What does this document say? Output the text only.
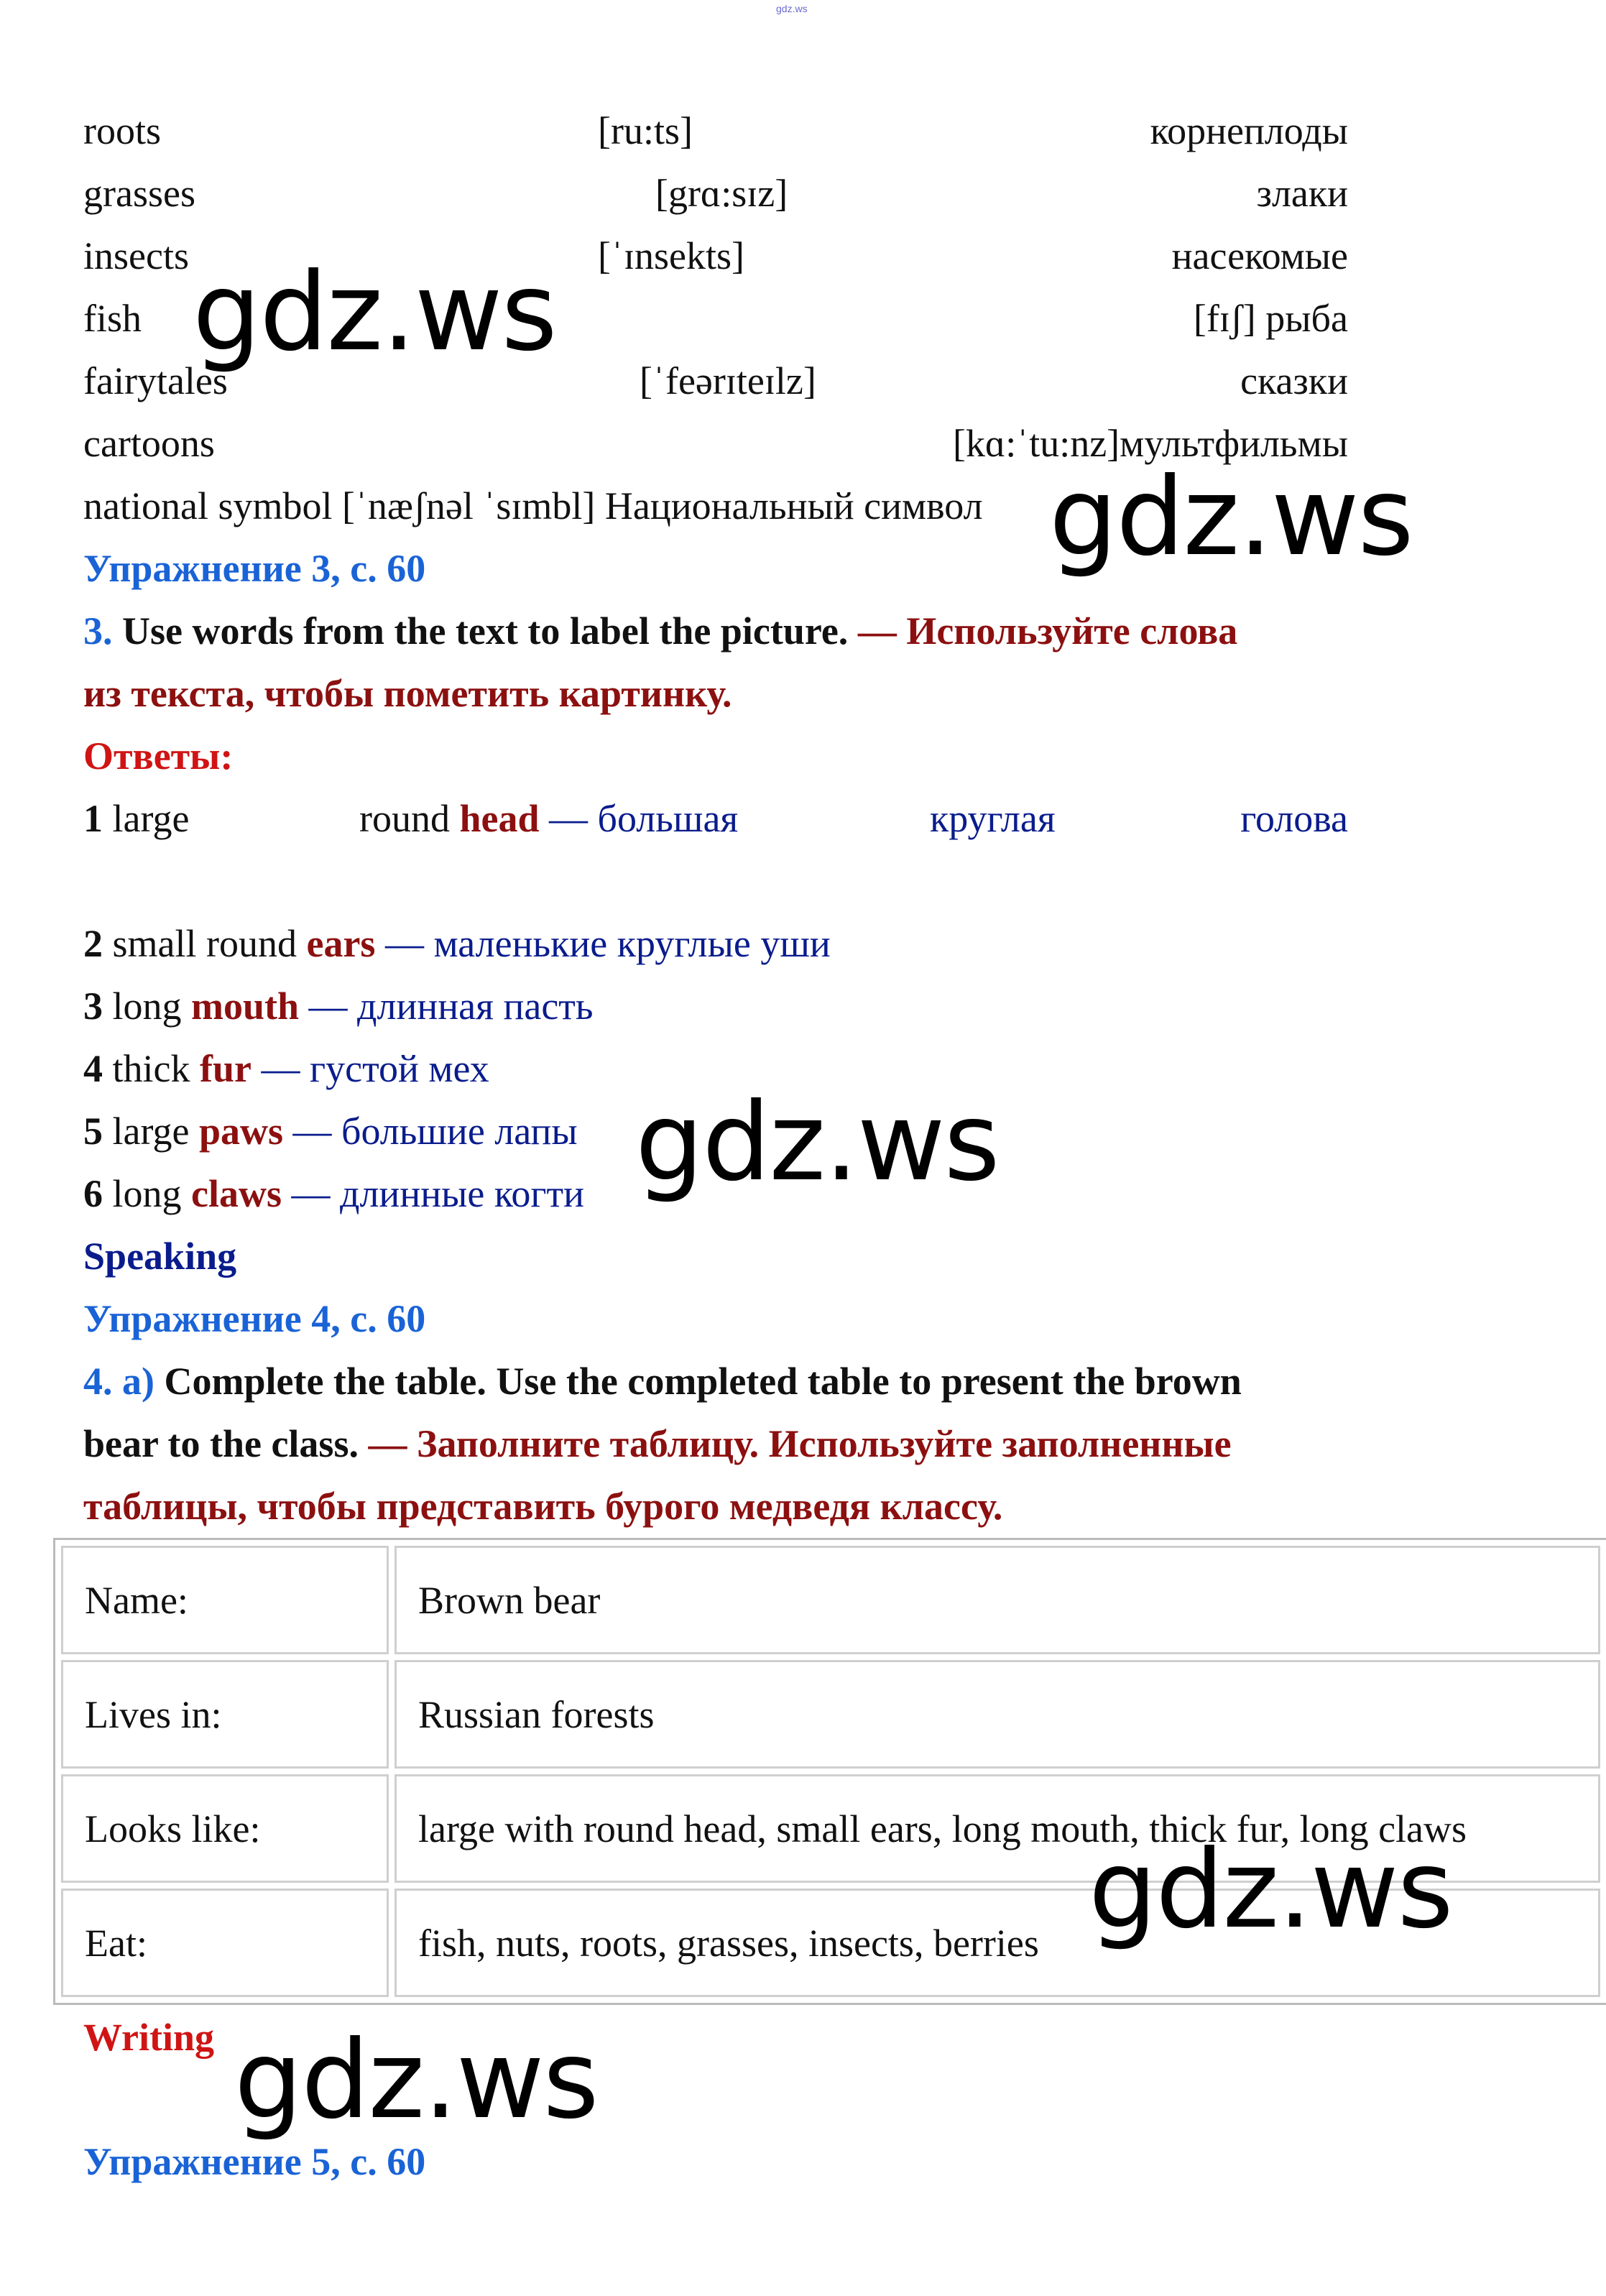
gdz.ws
roots	[ru:ts]	корнеплоды
grasses	[grɑ:sɪz]	злаки
insects	[ˈɪnsekts]	насекомые
fish	[fɪʃ] рыба
fairytales	[ˈfeərɪteɪlz]	сказки
cartoons	[kɑ:ˈtu:nz]мультфильмы
national symbol [ˈnæʃnəl ˈsɪmbl] Национальный символ
Упражнение 3, с. 60
3. Use words from the text to label the picture. — Используйте слова
из текста, чтобы пометить картинку.
Ответы:
1 large	round head — большая	круглая	голова
2 small round ears — маленькие круглые уши
3 long mouth — длинная пасть
4 thick fur — густой мех
5 large paws — большие лапы
6 long claws — длинные когти
Speaking
Упражнение 4, с. 60
4. a) Complete the table. Use the completed table to present the brown
bear to the class. — Заполните таблицу. Используйте заполненные
таблицы, чтобы представить бурого медведя классу.
Name:	Brown bear
Lives in:	Russian forests
Looks like:	large with round head, small ears, long mouth, thick fur, long claws
Eat:	fish, nuts, roots, grasses, insects, berries
Writing
Упражнение 5, с. 60
gdz.ws
gdz.ws
gdz.ws
gdz.ws
gdz.ws
